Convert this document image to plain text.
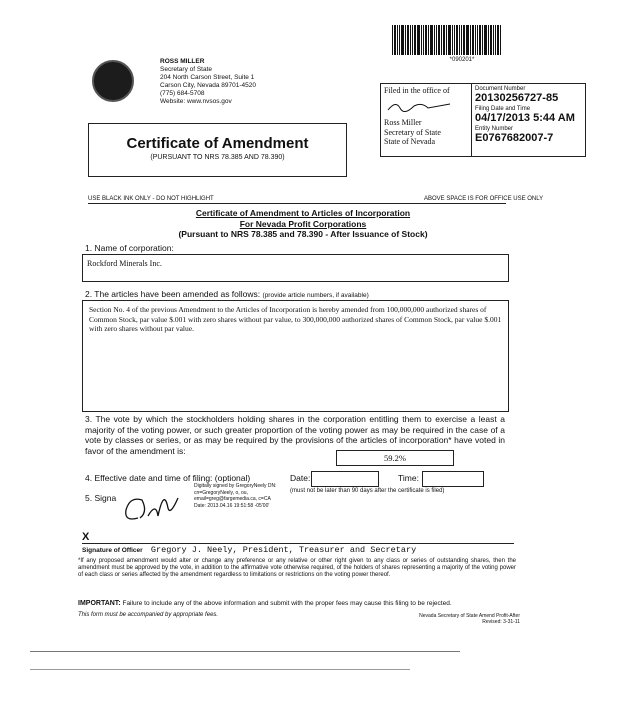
*090201*
ROSS MILLER
Secretary of State
204 North Carson Street, Suite 1
Carson City, Nevada 89701-4520
(775) 684-5708
Website: www.nvsos.gov
Filed in the office of
Ross Miller
Secretary of State
State of Nevada
Document Number
20130256727-85
Filing Date and Time
04/17/2013 5:44 AM
Entity Number
E0767682007-7
Certificate of Amendment
(PURSUANT TO NRS 78.385 AND 78.390)
USE BLACK INK ONLY - DO NOT HIGHLIGHT	ABOVE SPACE IS FOR OFFICE USE ONLY
Certificate of Amendment to Articles of Incorporation
For Nevada Profit Corporations
(Pursuant to NRS 78.385 and 78.390 - After Issuance of Stock)
1. Name of corporation:
Rockford Minerals Inc.
2. The articles have been amended as follows: (provide article numbers, if available)
Section No. 4 of the previous Amendment to the Articles of Incorporation is hereby amended from 100,000,000 authorized shares of Common Stock, par value $.001 with zero shares without par value, to 300,000,000 authorized shares of Common Stock, par value $.001 with zero shares without par value.
3. The vote by which the stockholders holding shares in the corporation entitling them to exercise a least a majority of the voting power, or such greater proportion of the voting power as may be required in the case of a vote by classes or series, or as may be required by the provisions of the articles of incorporation* have voted in favor of the amendment is:
59.2%
4. Effective date and time of filing: (optional)	Date:	Time:
(must not be later than 90 days after the certificate is filed)
5. Signa
Digitally signed by GregoryNeely DN: cn=GregoryNeely, o, ou, email=greg@fargemedia.ca, c=CA Date: 2013.04.16 19:51:58 -05'00'
X
Signature of Officer Gregory J. Neely, President, Treasurer and Secretary
*If any proposed amendment would alter or change any preference or any relative or other right given to any class or series of outstanding shares, then the amendment must be approved by the vote, in addition to the affirmative vote otherwise required, of the holders of shares representing a majority of the voting power of each class or series affected by the amendment regardless to limitations or restrictions on the voting power thereof.
IMPORTANT: Failure to include any of the above information and submit with the proper fees may cause this filing to be rejected.
This form must be accompanied by appropriate fees.	Nevada Secretary of State Amend Profit-After
Revised: 3-31-11
